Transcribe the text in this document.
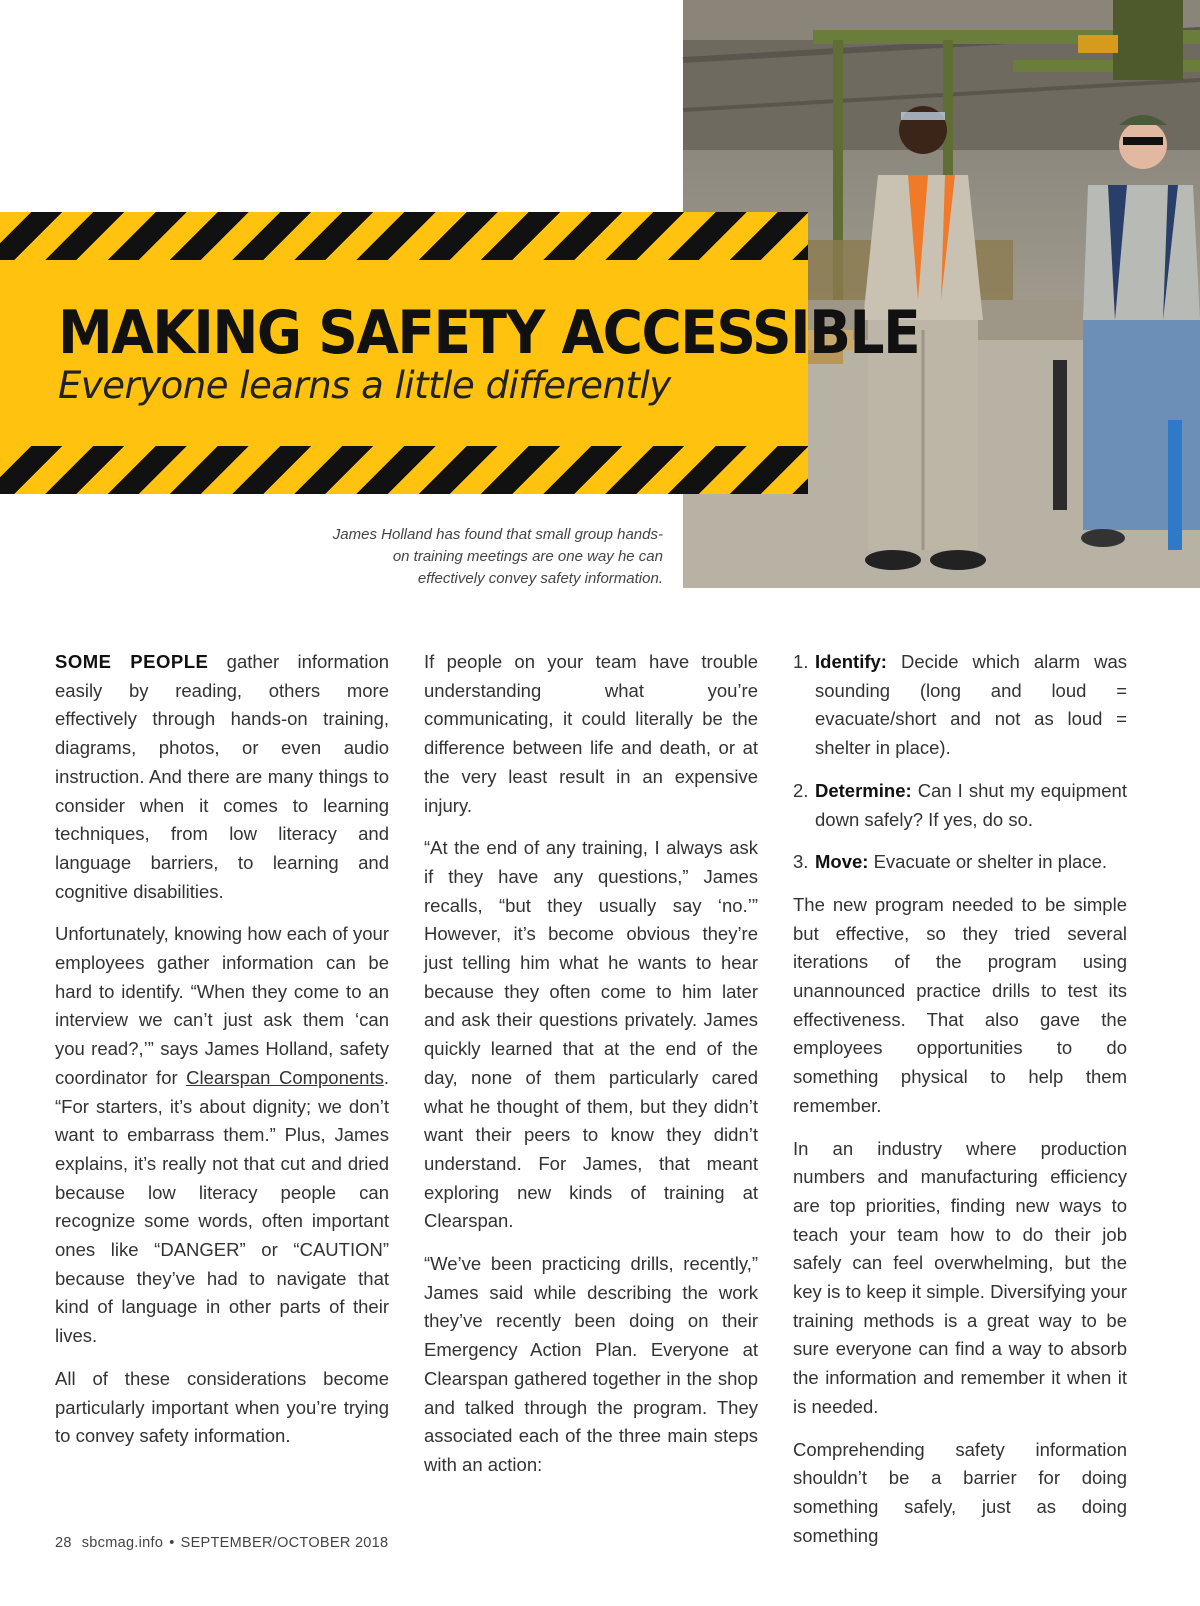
MAKING SAFETY ACCESSIBLE

Everyone learns a little differently

James Holland has found that small group hands-on training meetings are one way he can effectively convey safety information.

SOME PEOPLE gather information easily by reading, others more effectively through hands-on training, diagrams, photos, or even audio instruction. And there are many things to consider when it comes to learning techniques, from low literacy and language barriers, to learning and cognitive disabilities.

Unfortunately, knowing how each of your employees gather information can be hard to identify. “When they come to an interview we can’t just ask them ‘can you read?,’” says James Holland, safety coordinator for Clearspan Components. “For starters, it’s about dignity; we don’t want to embarrass them.” Plus, James explains, it’s really not that cut and dried because low literacy people can recognize some words, often important ones like “DANGER” or “CAUTION” because they’ve had to navigate that kind of language in other parts of their lives.

All of these considerations become particularly important when you’re trying to convey safety information.

If people on your team have trouble understanding what you’re communicating, it could literally be the difference between life and death, or at the very least result in an expensive injury.

“At the end of any training, I always ask if they have any questions,” James recalls, “but they usually say ‘no.’” However, it’s become obvious they’re just telling him what he wants to hear because they often come to him later and ask their questions privately. James quickly learned that at the end of the day, none of them particularly cared what he thought of them, but they didn’t want their peers to know they didn’t understand. For James, that meant exploring new kinds of training at Clearspan.

“We’ve been practicing drills, recently,” James said while describing the work they’ve recently been doing on their Emergency Action Plan. Everyone at Clearspan gathered together in the shop and talked through the program. They associated each of the three main steps with an action:

1. Identify: Decide which alarm was sounding (long and loud = evacuate/short and not as loud = shelter in place).
2. Determine: Can I shut my equipment down safely? If yes, do so.
3. Move: Evacuate or shelter in place.

The new program needed to be simple but effective, so they tried several iterations of the program using unannounced practice drills to test its effectiveness. That also gave the employees opportunities to do something physical to help them remember.

In an industry where production numbers and manufacturing efficiency are top priorities, finding new ways to teach your team how to do their job safely can feel overwhelming, but the key is to keep it simple. Diversifying your training methods is a great way to be sure everyone can find a way to absorb the information and remember it when it is needed.

Comprehending safety information shouldn’t be a barrier for doing something safely, just as doing something

28 sbcmag.info • SEPTEMBER/OCTOBER 2018
